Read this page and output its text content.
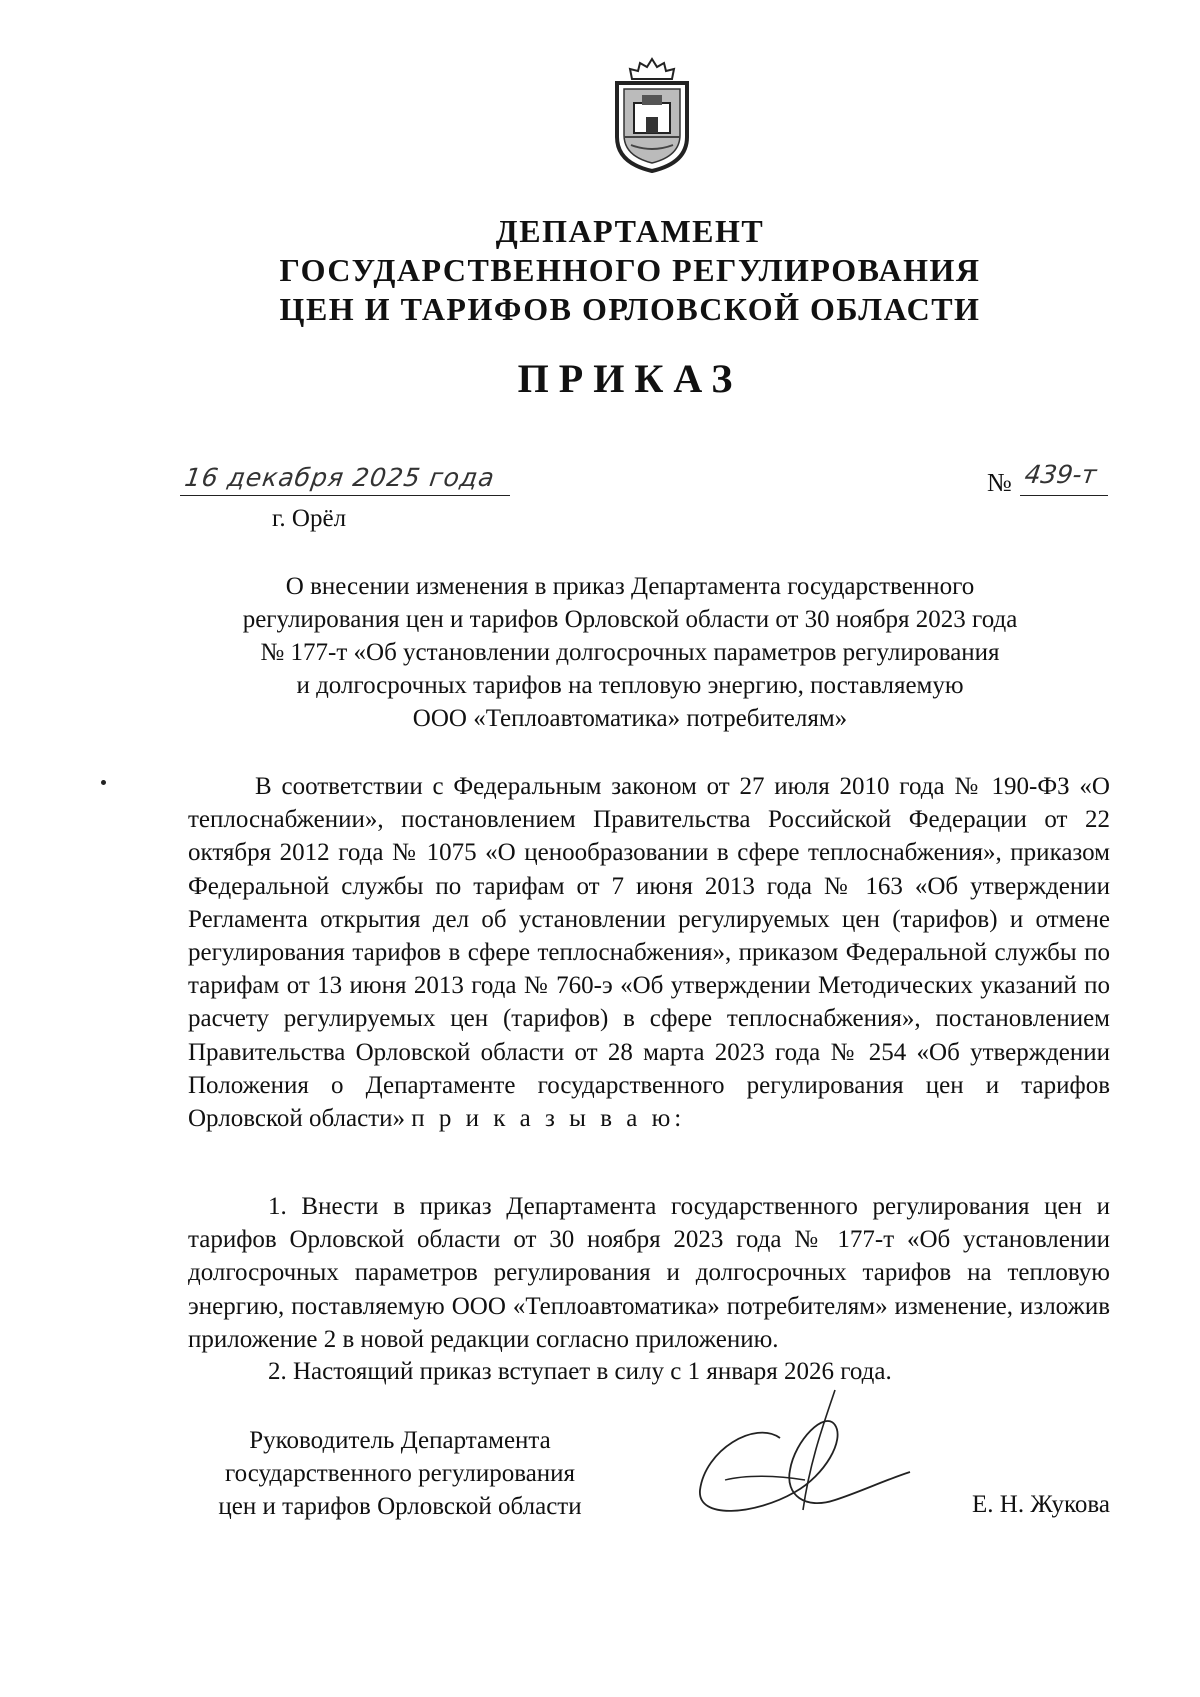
ДЕПАРТАМЕНТ
ГОСУДАРСТВЕННОГО РЕГУЛИРОВАНИЯ
ЦЕН И ТАРИФОВ ОРЛОВСКОЙ ОБЛАСТИ
ПРИКАЗ
16 декабря 2025 года	№ 439-т
г. Орёл
О внесении изменения в приказ Департамента государственного
регулирования цен и тарифов Орловской области от 30 ноября 2023 года
№ 177-т «Об установлении долгосрочных параметров регулирования
и долгосрочных тарифов на тепловую энергию, поставляемую
ООО «Теплоавтоматика» потребителям»
В соответствии с Федеральным законом от 27 июля 2010 года № 190-ФЗ «О теплоснабжении», постановлением Правительства Российской Федерации от 22 октября 2012 года № 1075 «О ценообразовании в сфере теплоснабжения», приказом Федеральной службы по тарифам от 7 июня 2013 года № 163 «Об утверждении Регламента открытия дел об установлении регулируемых цен (тарифов) и отмене регулирования тарифов в сфере теплоснабжения», приказом Федеральной службы по тарифам от 13 июня 2013 года № 760-э «Об утверждении Методических указаний по расчету регулируемых цен (тарифов) в сфере теплоснабжения», постановлением Правительства Орловской области от 28 марта 2023 года № 254 «Об утверждении Положения о Департаменте государственного регулирования цен и тарифов Орловской области» п р и к а з ы в а ю:
1. Внести в приказ Департамента государственного регулирования цен и тарифов Орловской области от 30 ноября 2023 года № 177-т «Об установлении долгосрочных параметров регулирования и долгосрочных тарифов на тепловую энергию, поставляемую ООО «Теплоавтоматика» потребителям» изменение, изложив приложение 2 в новой редакции согласно приложению.
2. Настоящий приказ вступает в силу с 1 января 2026 года.
Руководитель Департамента
государственного регулирования
цен и тарифов Орловской области	Е. Н. Жукова
